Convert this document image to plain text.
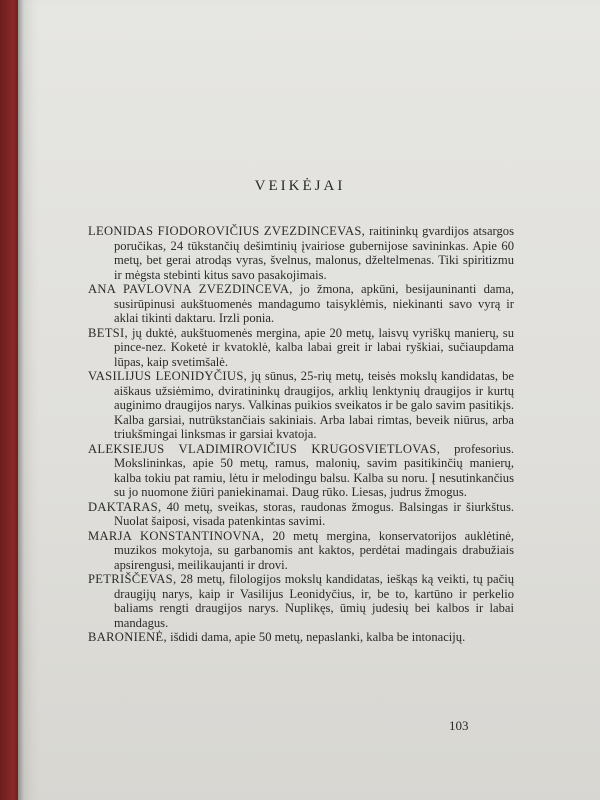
VEIKĖJAI

LEONIDAS FIODOROVIČIUS ZVEZDINCEVAS, raitininkų gvardijos atsargos poručikas, 24 tūkstančių dešimtinių įvairiose gubernijose savininkas. Apie 60 metų, bet gerai atrodąs vyras, švelnus, malonus, dželtelmenas. Tiki spiritizmu ir mėgsta stebinti kitus savo pasakojimais.

ANA PAVLOVNA ZVEZDINCEVA, jo žmona, apkūni, besijauninanti dama, susirūpinusi aukštuomenės mandagumo taisyklėmis, niekinanti savo vyrą ir aklai tikinti daktaru. Irzli ponia.

BETSI, jų duktė, aukštuomenės mergina, apie 20 metų, laisvų vyriškų manierų, su pince-nez. Koketė ir kvatoklė, kalba labai greit ir labai ryškiai, sučiaupdama lūpas, kaip svetimšalė.

VASILIJUS LEONIDYČIUS, jų sūnus, 25-rių metų, teisės mokslų kandidatas, be aiškaus užsiėmimo, dviratininkų draugijos, arklių lenktynių draugijos ir kurtų auginimo draugijos narys. Valkinas puikios sveikatos ir be galo savim pasitikįs. Kalba garsiai, nutrūkstančiais sakiniais. Arba labai rimtas, beveik niūrus, arba triukšmingai linksmas ir garsiai kvatoja.

ALEKSIEJUS VLADIMIROVIČIUS KRUGOSVIETLOVAS, profesorius. Mokslininkas, apie 50 metų, ramus, malonių, savim pasitikinčių manierų, kalba tokiu pat ramiu, lėtu ir melodingu balsu. Kalba su noru. Į nesutinkančius su jo nuomone žiūri paniekinamai. Daug rūko. Liesas, judrus žmogus.

DAKTARAS, 40 metų, sveikas, storas, raudonas žmogus. Balsingas ir šiurkštus. Nuolat šaiposi, visada patenkintas savimi.

MARJA KONSTANTINOVNA, 20 metų mergina, konservatorijos auklėtinė, muzikos mokytoja, su garbanomis ant kaktos, perdėtai madingais drabužiais apsirengusi, meilikaujanti ir drovi.

PETRIŠČEVAS, 28 metų, filologijos mokslų kandidatas, ieškąs ką veikti, tų pačių draugijų narys, kaip ir Vasilijus Leonidyčius, ir, be to, kartūno ir perkelio baliams rengti draugijos narys. Nuplikęs, ūmių judesių bei kalbos ir labai mandagus.

BARONIENĖ, išdidi dama, apie 50 metų, nepaslanki, kalba be intonacijų.

103
